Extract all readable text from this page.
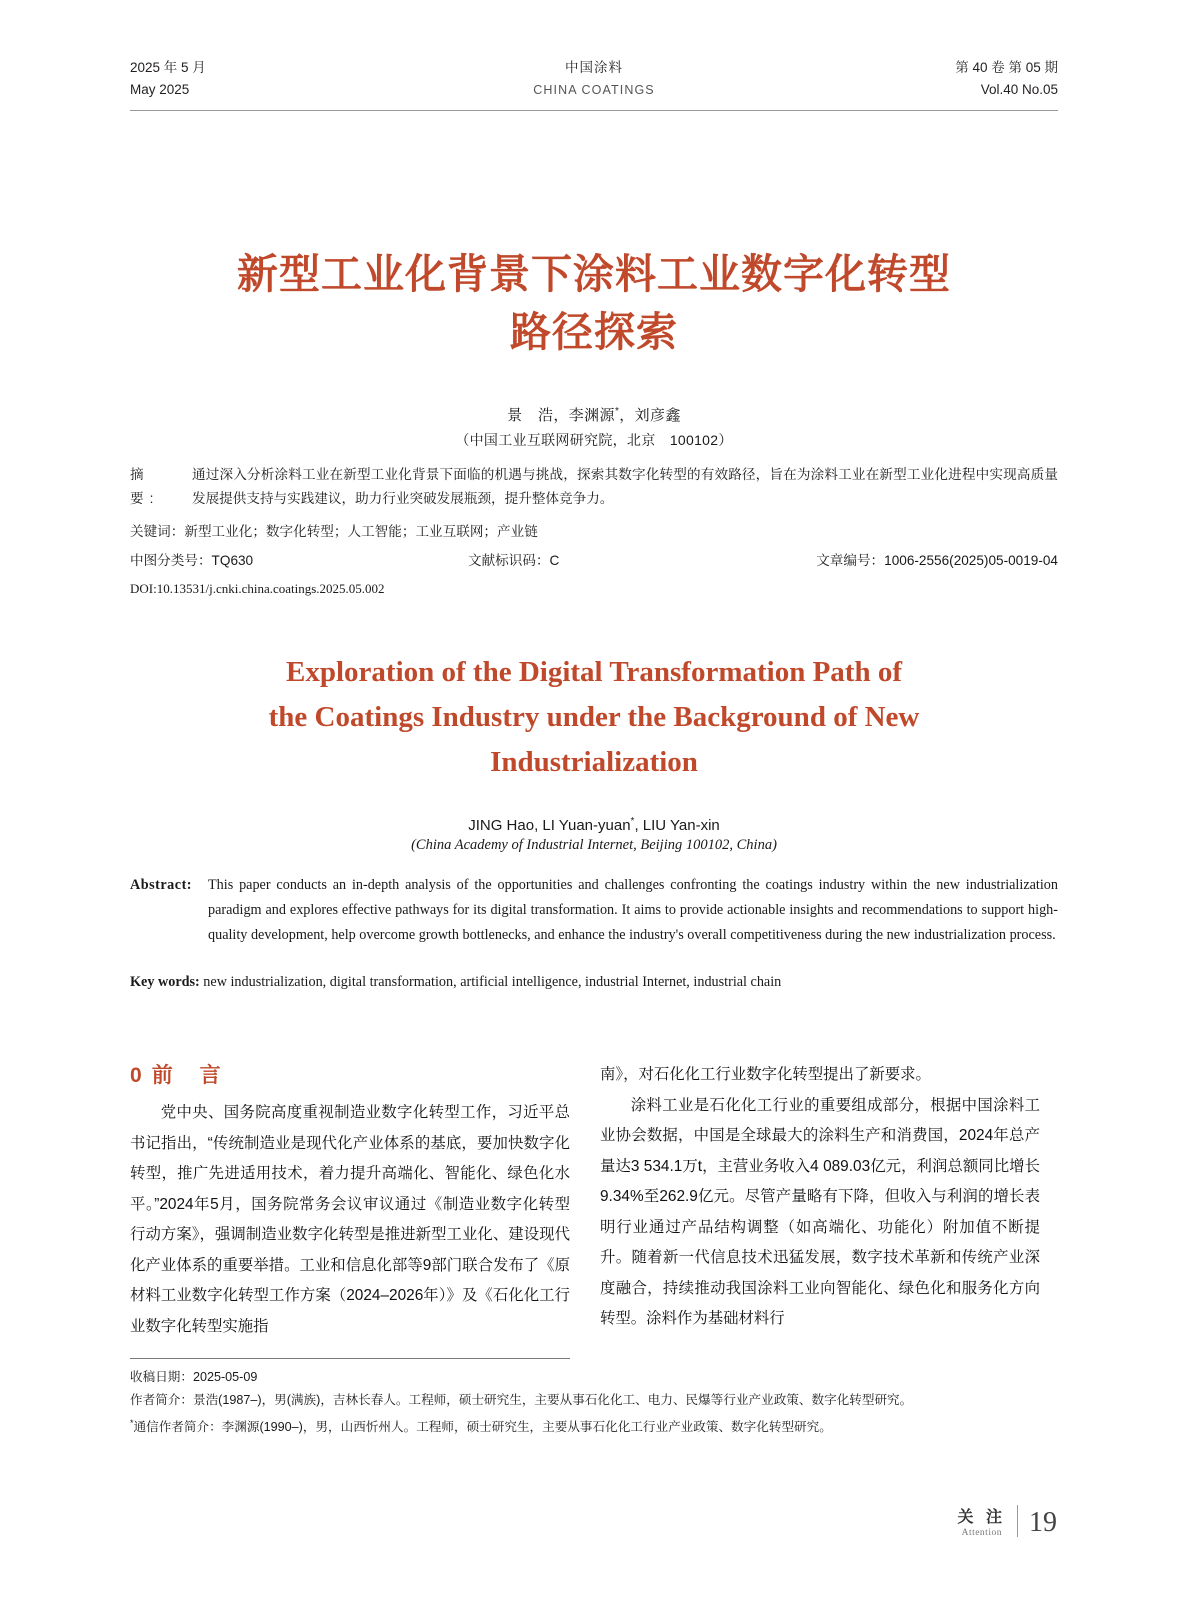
2025 年 5 月
May 2025
中国涂料
CHINA COATINGS
第 40 卷 第 05 期
Vol.40 No.05
新型工业化背景下涂料工业数字化转型
路径探索
景　浩，李渊源*，刘彦鑫
（中国工业互联网研究院，北京　100102）
摘　要:
通过深入分析涂料工业在新型工业化背景下面临的机遇与挑战，探索其数字化转型的有效路径，旨在为涂料工业在新型工业化进程中实现高质量发展提供支持与实践建议，助力行业突破发展瓶颈，提升整体竞争力。
关键词：新型工业化；数字化转型；人工智能；工业互联网；产业链
中图分类号：TQ630	文献标识码：C	文章编号：1006-2556(2025)05-0019-04
DOI:10.13531/j.cnki.china.coatings.2025.05.002
Exploration of the Digital Transformation Path of
the Coatings Industry under the Background of New
Industrialization
JING Hao, LI Yuan-yuan*, LIU Yan-xin
(China Academy of Industrial Internet, Beijing 100102, China)
Abstract: This paper conducts an in-depth analysis of the opportunities and challenges confronting the coatings industry within the new industrialization paradigm and explores effective pathways for its digital transformation. It aims to provide actionable insights and recommendations to support high-quality development, help overcome growth bottlenecks, and enhance the industry's overall competitiveness during the new industrialization process.
Key words: new industrialization, digital transformation, artificial intelligence, industrial Internet, industrial chain
0前　言

党中央、国务院高度重视制造业数字化转型工作，习近平总书记指出，“传统制造业是现代化产业体系的基底，要加快数字化转型，推广先进适用技术，着力提升高端化、智能化、绿色化水平。”2024年5月，国务院常务会议审议通过《制造业数字化转型行动方案》，强调制造业数字化转型是推进新型工业化、建设现代化产业体系的重要举措。工业和信息化部等9部门联合发布了《原材料工业数字化转型工作方案（2024–2026年）》及《石化化工行业数字化转型实施指

南》，对石化化工行业数字化转型提出了新要求。

涂料工业是石化化工行业的重要组成部分，根据中国涂料工业协会数据，中国是全球最大的涂料生产和消费国，2024年总产量达3 534.1万t，主营业务收入4 089.03亿元，利润总额同比增长9.34%至262.9亿元。尽管产量略有下降，但收入与利润的增长表明行业通过产品结构调整（如高端化、功能化）附加值不断提升。随着新一代信息技术迅猛发展，数字技术革新和传统产业深度融合，持续推动我国涂料工业向智能化、绿色化和服务化方向转型。涂料作为基础材料行

收稿日期：2025-05-09
作者简介：景浩(1987–)，男(满族)，吉林长春人。工程师，硕士研究生，主要从事石化化工、电力、民爆等行业产业政策、数字化转型研究。
*通信作者简介：李渊源(1990–)，男，山西忻州人。工程师，硕士研究生，主要从事石化化工行业产业政策、数字化转型研究。
关 注
Attention 19
